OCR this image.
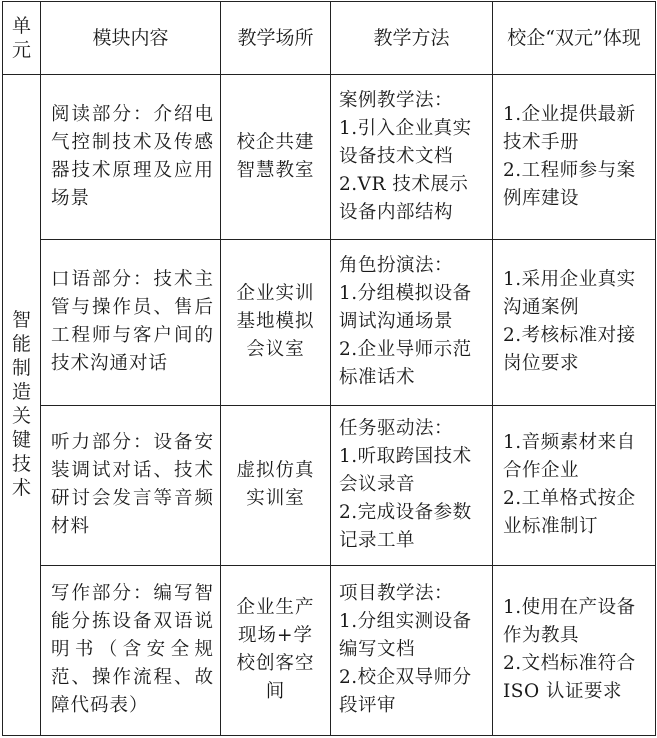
单元	模块内容	教学场所	教学方法	校企“双元”体现
智能制造关键技术	阅读部分：介绍电气控制技术及传感器技术原理及应用场景	校企共建智慧教室	案例教学法：
1.引入企业真实设备技术文档
2.VR 技术展示设备内部结构	1.企业提供最新技术手册
2.工程师参与案例库建设

	口语部分：技术主管与操作员、售后工程师与客户间的技术沟通对话	企业实训基地模拟会议室	角色扮演法：
1.分组模拟设备调试沟通场景
2.企业导师示范标准话术	1.采用企业真实沟通案例
2.考核标准对接岗位要求

	听力部分：设备安装调试对话、技术研讨会发言等音频材料	虚拟仿真实训室	任务驱动法：
1.听取跨国技术会议录音
2.完成设备参数记录工单	1.音频素材来自合作企业
2.工单格式按企业标准制订

	写作部分：编写智能分拣设备双语说明书（含安全规范、操作流程、故障代码表）	企业生产现场+学校创客空间	项目教学法：
1.分组实测设备编写文档
2.校企双导师分段评审	1.使用在产设备作为教具
2.文档标准符合ISO 认证要求
